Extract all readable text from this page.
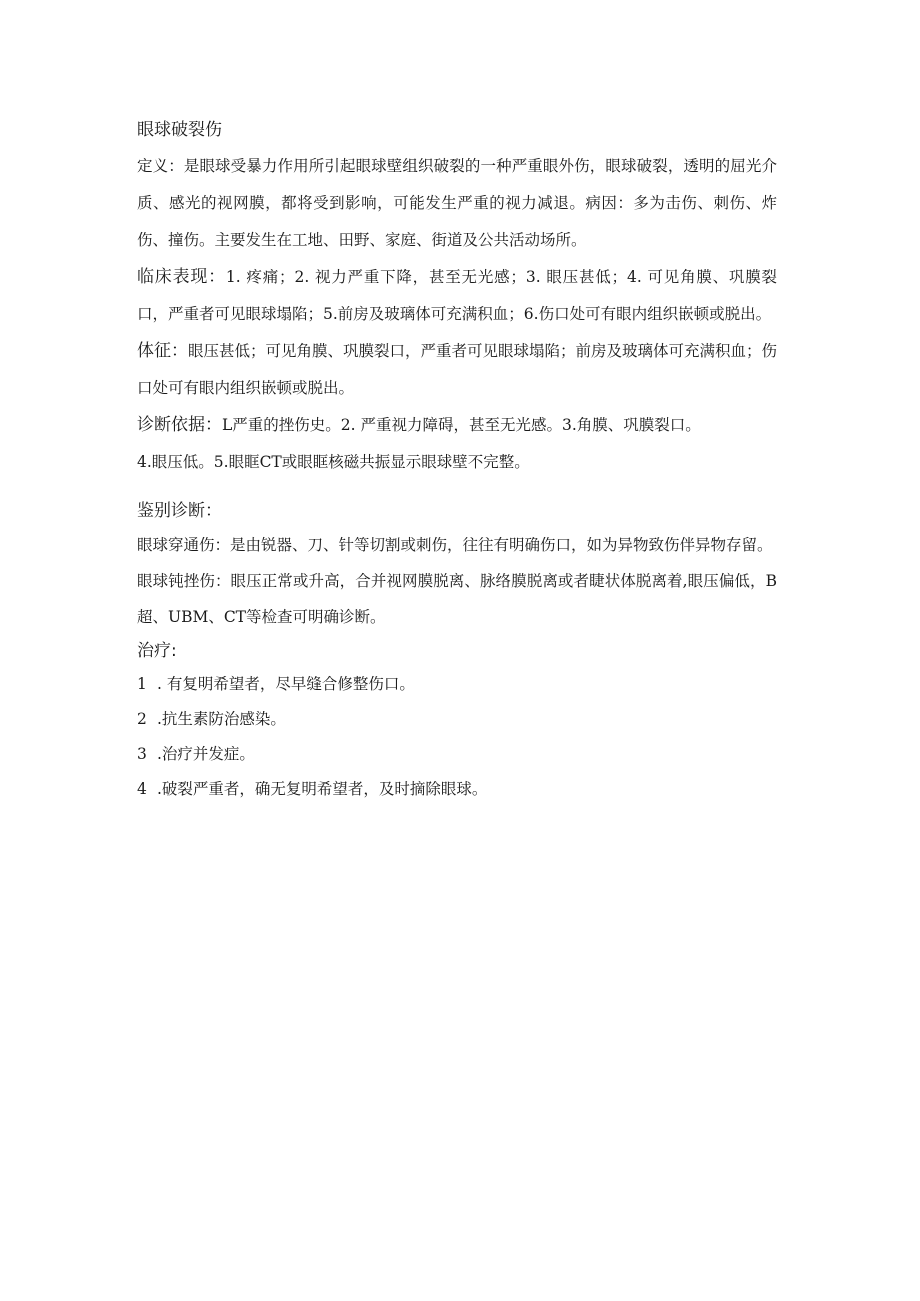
眼球破裂伤

定义：是眼球受暴力作用所引起眼球壁组织破裂的一种严重眼外伤，眼球破裂，透明的屈光介质、感光的视网膜，都将受到影响，可能发生严重的视力减退。病因：多为击伤、刺伤、炸伤、撞伤。主要发生在工地、田野、家庭、街道及公共活动场所。

临床表现：1. 疼痛；2. 视力严重下降，甚至无光感；3. 眼压甚低；4. 可见角膜、巩膜裂口，严重者可见眼球塌陷；5.前房及玻璃体可充满积血；6.伤口处可有眼内组织嵌顿或脱出。

体征：眼压甚低；可见角膜、巩膜裂口，严重者可见眼球塌陷；前房及玻璃体可充满积血；伤口处可有眼内组织嵌顿或脱出。

诊断依据：L严重的挫伤史。2. 严重视力障碍，甚至无光感。3.角膜、巩膜裂口。

4.眼压低。5.眼眶CT或眼眶核磁共振显示眼球壁不完整。

鉴别诊断：

眼球穿通伤：是由锐器、刀、针等切割或刺伤，往往有明确伤口，如为异物致伤伴异物存留。

眼球钝挫伤：眼压正常或升高，合并视网膜脱离、脉络膜脱离或者睫状体脱离着,眼压偏低，B超、UBM、CT等检查可明确诊断。

治疗:
1 . 有复明希望者，尽早缝合修整伤口。
2 .抗生素防治感染。
3 .治疗并发症。
4 .破裂严重者，确无复明希望者，及时摘除眼球。
